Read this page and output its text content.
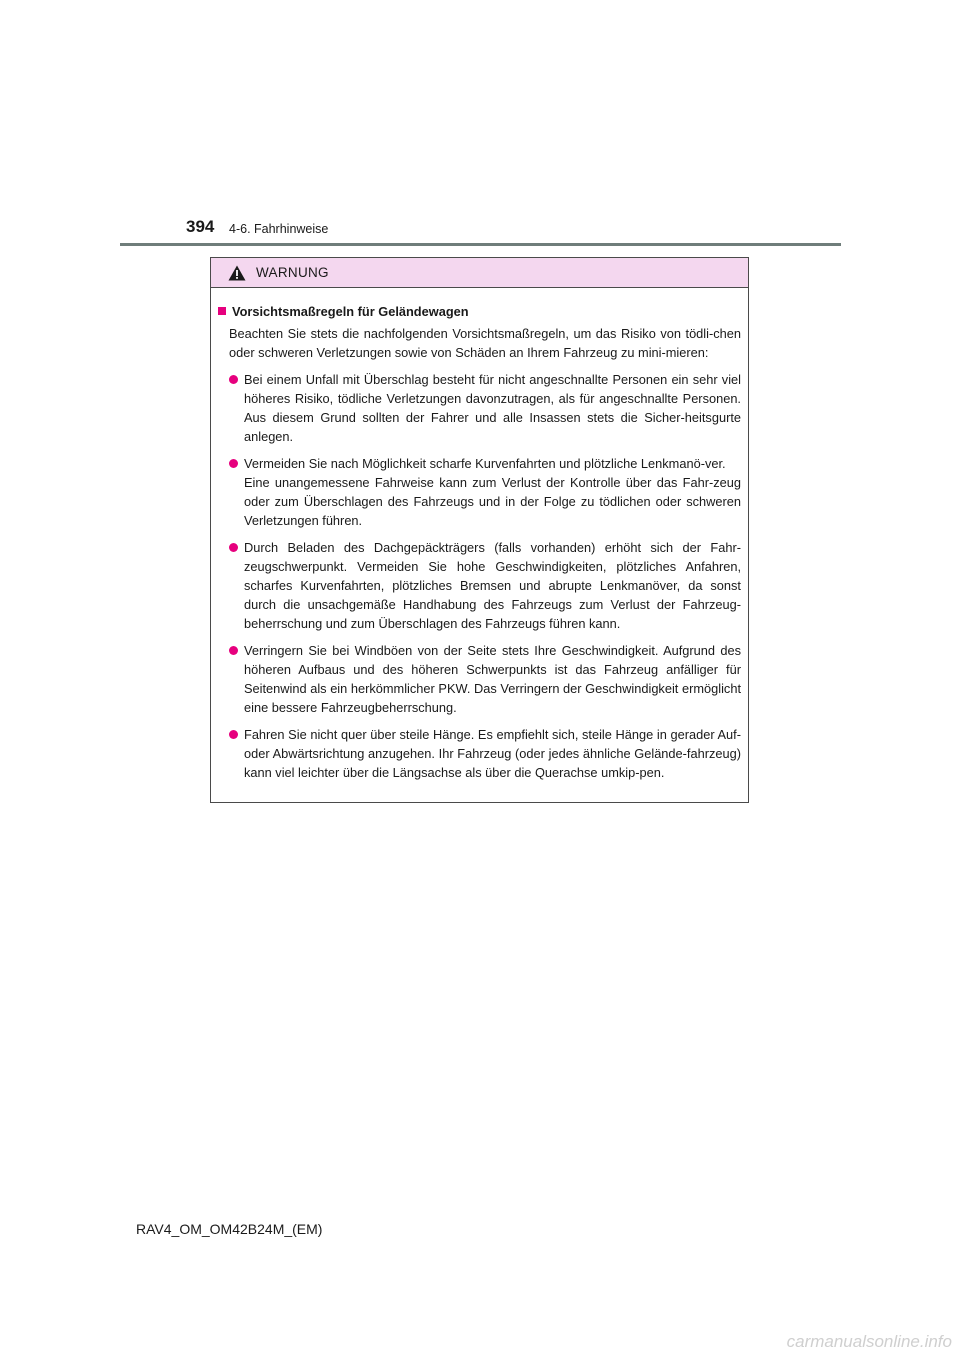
394 4-6. Fahrhinweise
WARNUNG
Vorsichtsmaßregeln für Geländewagen
Beachten Sie stets die nachfolgenden Vorsichtsmaßregeln, um das Risiko von tödli-chen oder schweren Verletzungen sowie von Schäden an Ihrem Fahrzeug zu mini-mieren:
Bei einem Unfall mit Überschlag besteht für nicht angeschnallte Personen ein sehr viel höheres Risiko, tödliche Verletzungen davonzutragen, als für angeschnallte Personen. Aus diesem Grund sollten der Fahrer und alle Insassen stets die Sicher-heitsgurte anlegen.
Vermeiden Sie nach Möglichkeit scharfe Kurvenfahrten und plötzliche Lenkmanö-ver.
Eine unangemessene Fahrweise kann zum Verlust der Kontrolle über das Fahr-zeug oder zum Überschlagen des Fahrzeugs und in der Folge zu tödlichen oder schweren Verletzungen führen.
Durch Beladen des Dachgepäckträgers (falls vorhanden) erhöht sich der Fahr-zeugschwerpunkt. Vermeiden Sie hohe Geschwindigkeiten, plötzliches Anfahren, scharfes Kurvenfahrten, plötzliches Bremsen und abrupte Lenkmanöver, da sonst durch die unsachgemäße Handhabung des Fahrzeugs zum Verlust der Fahrzeug-beherrschung und zum Überschlagen des Fahrzeugs führen kann.
Verringern Sie bei Windböen von der Seite stets Ihre Geschwindigkeit. Aufgrund des höheren Aufbaus und des höheren Schwerpunkts ist das Fahrzeug anfälliger für Seitenwind als ein herkömmlicher PKW. Das Verringern der Geschwindigkeit ermöglicht eine bessere Fahrzeugbeherrschung.
Fahren Sie nicht quer über steile Hänge. Es empfiehlt sich, steile Hänge in gerader Auf- oder Abwärtsrichtung anzugehen. Ihr Fahrzeug (oder jedes ähnliche Gelände-fahrzeug) kann viel leichter über die Längsachse als über die Querachse umkip-pen.
RAV4_OM_OM42B24M_(EM)
carmanualsonline.info
